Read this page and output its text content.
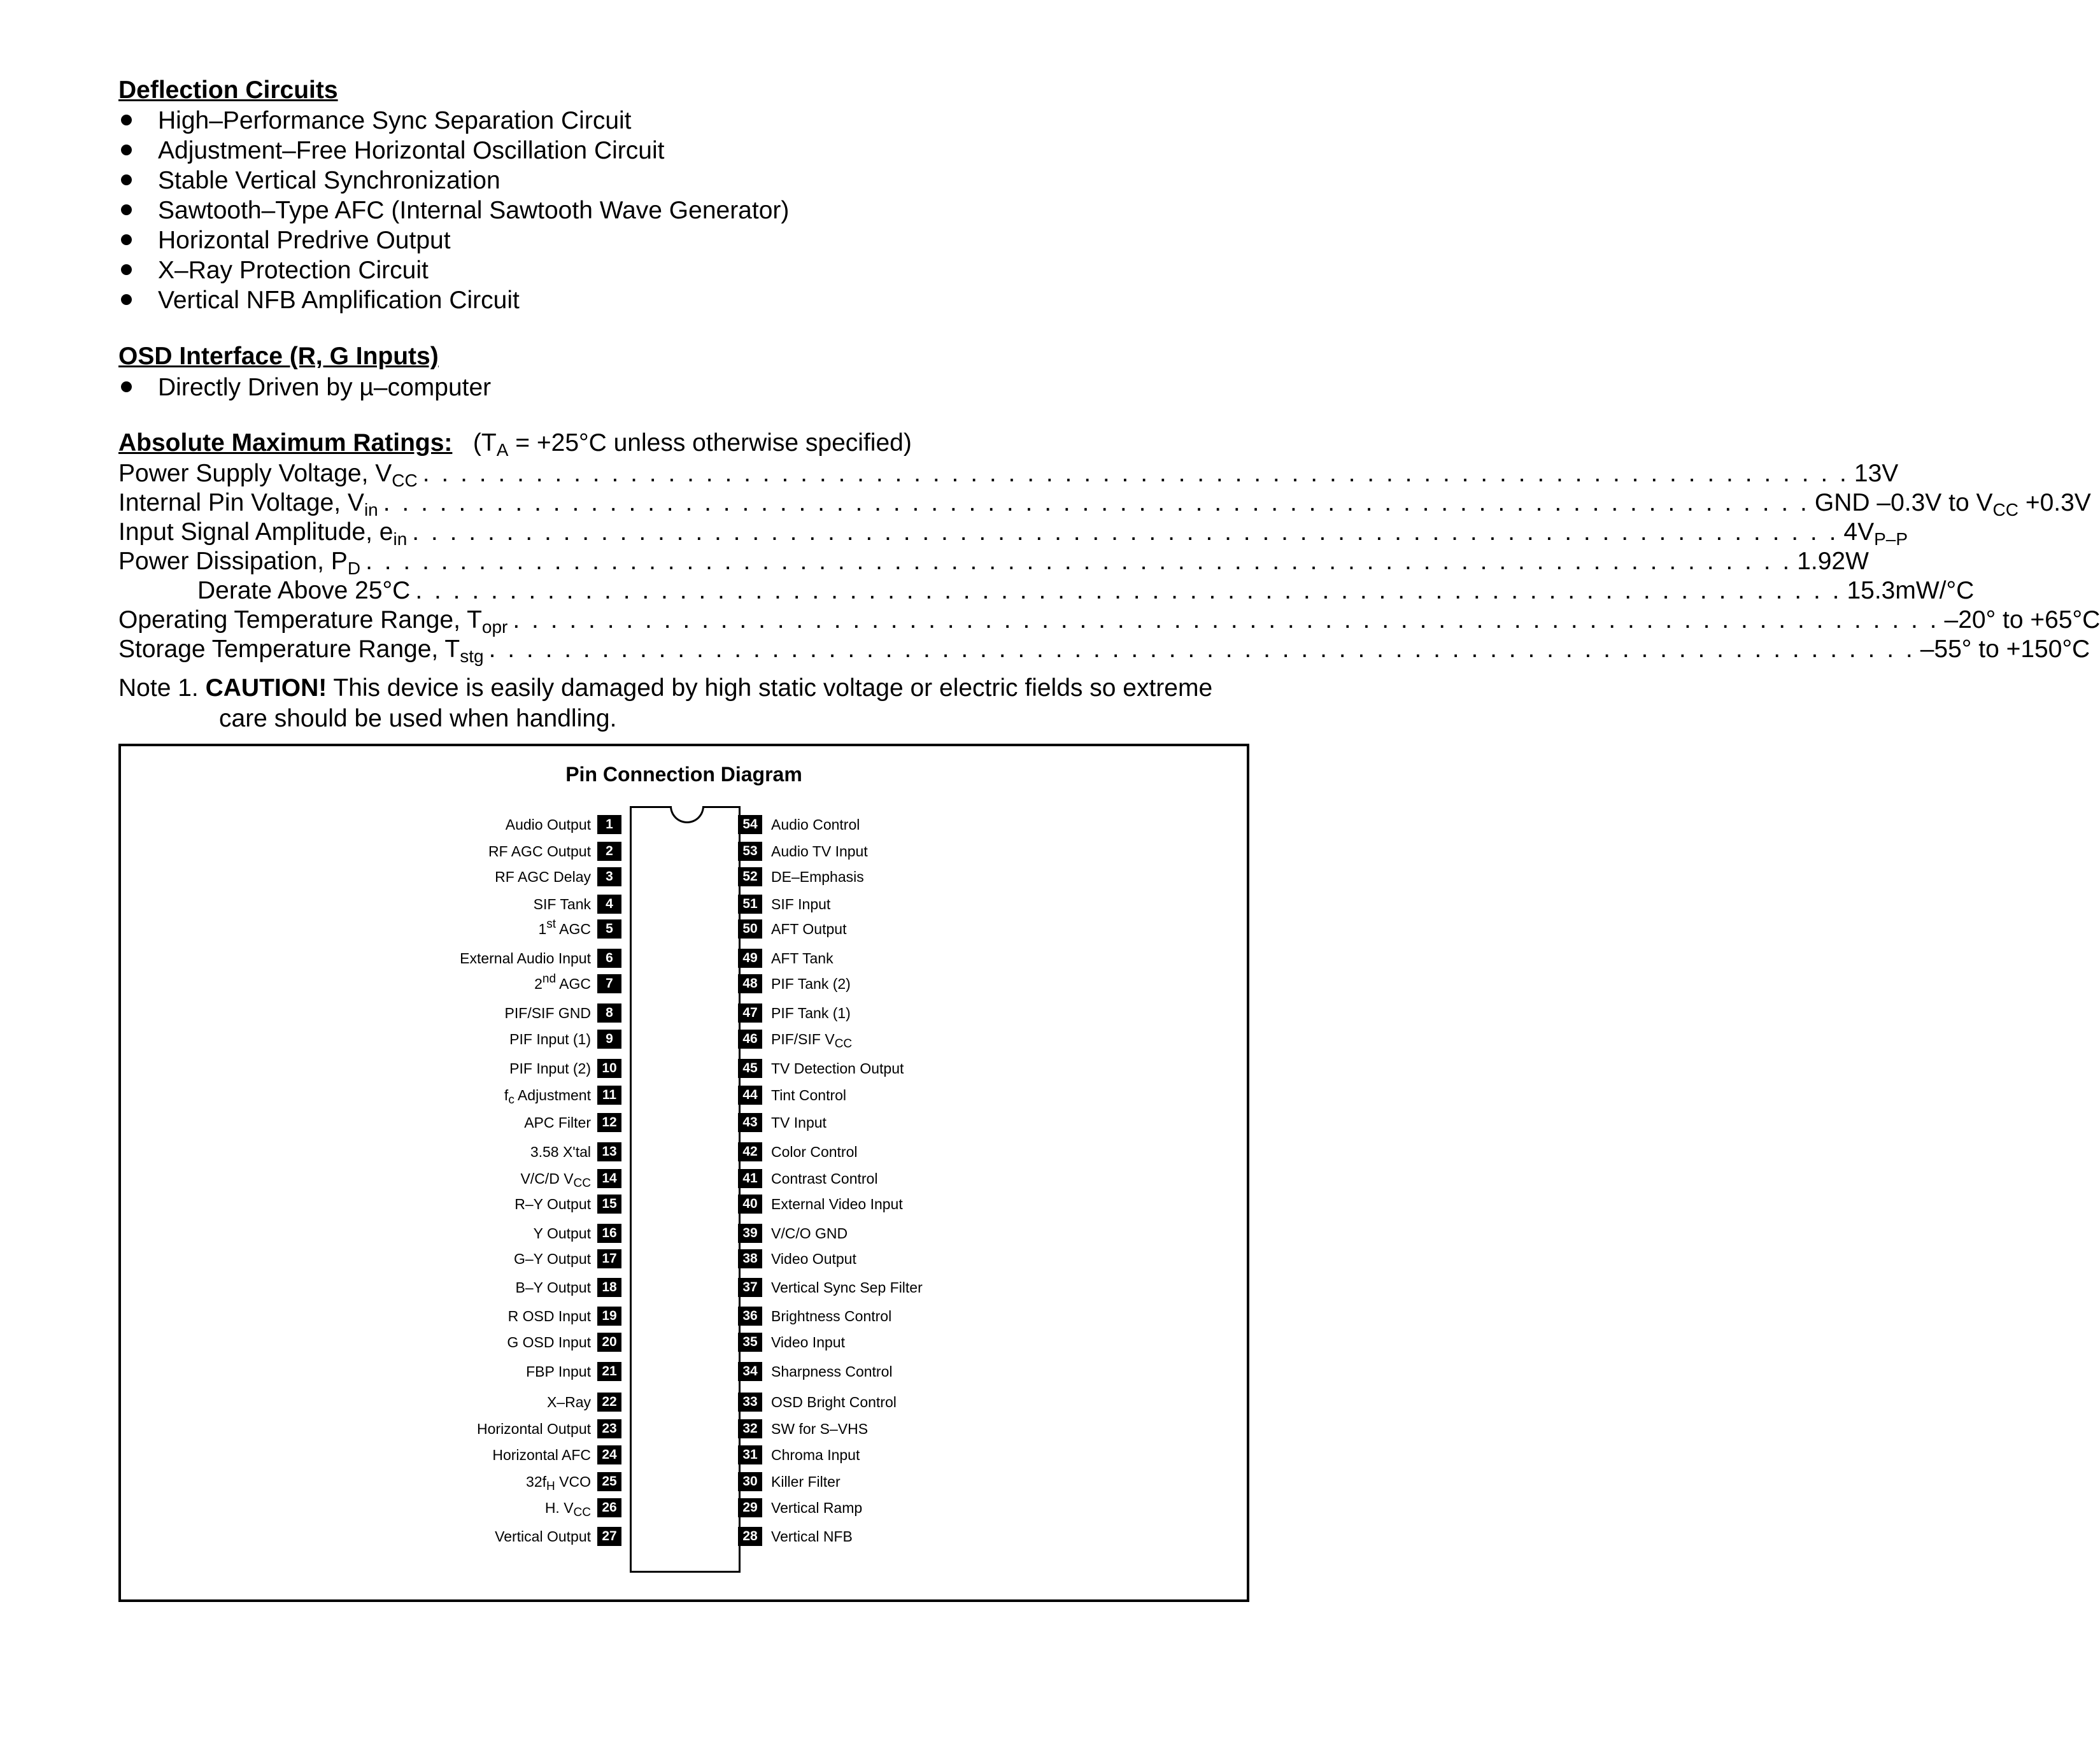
Deflection Circuits
High–Performance Sync Separation Circuit
Adjustment–Free Horizontal Oscillation Circuit
Stable Vertical Synchronization
Sawtooth–Type AFC (Internal Sawtooth Wave Generator)
Horizontal Predrive Output
X–Ray Protection Circuit
Vertical NFB Amplification Circuit
OSD Interface (R, G Inputs)
Directly Driven by µ–computer
Absolute Maximum Ratings: ($T_A = +25^\circ C$ unless otherwise specified)
Power Supply Voltage, $V_{CC}$ . . . . . . . . . . . . . . . . . . . . . . . . . . . . . . . . . . . . . . . . . . . . . . . . . . . . . . . . . . . . . . . . . . . . . . . . . . . . 13V
Internal Pin Voltage, $V_{in}$ . . . . . . . . . . . . . . . . . . . . . . . . . . . . . . . . . . . . . . . . . . . . . . . . . . . . . . . . . . . . . . . . . . . . . . . . . . . . GND –0.3V to $V_{CC} +0.3V$
Input Signal Amplitude, $e_{in}$ . . . . . . . . . . . . . . . . . . . . . . . . . . . . . . . . . . . . . . . . . . . . . . . . . . . . . . . . . . . . . . . . . . . . . . . . . . . . $4V_{P-P}$
Power Dissipation, $P_D$ . . . . . . . . . . . . . . . . . . . . . . . . . . . . . . . . . . . . . . . . . . . . . . . . . . . . . . . . . . . . . . . . . . . . . . . . . . . . 1.92W
Derate Above 25°C . . . . . . . . . . . . . . . . . . . . . . . . . . . . . . . . . . . . . . . . . . . . . . . . . . . . . . . . . . . . . . . . . . . . . . . . . . . . 15.3mW/°C
Operating Temperature Range, $T_{opr}$ . . . . . . . . . . . . . . . . . . . . . . . . . . . . . . . . . . . . . . . . . . . . . . . . . . . . . . . . . . . . . . . . . . . . . . . . . . . . –20° to +65°C
Storage Temperature Range, $T_{stg}$ . . . . . . . . . . . . . . . . . . . . . . . . . . . . . . . . . . . . . . . . . . . . . . . . . . . . . . . . . . . . . . . . . . . . . . . . . . . . –55° to +150°C
Note 1. CAUTION! This device is easily damaged by high static voltage or electric fields so extreme
care should be used when handling.
Pin Connection Diagram
Audio Output	1
RF AGC Output	2
RF AGC Delay	3
SIF Tank	4
1st AGC	5
External Audio Input	6
2nd AGC	7
PIF/SIF GND	8
PIF Input (1)	9
PIF Input (2) 10
$f_c$ Adjustment 11
APC Filter 12
3.58 X'tal 13
V/C/D $V_{CC}$ 14
R–Y Output 15
Y Output 16
G–Y Output 17
B–Y Output 18
R OSD Input 19
G OSD Input 20
FBP Input 21
X–Ray 22
Horizontal Output 23
Horizontal AFC 24
$32f_H$ VCO 25
H. $V_{CC}$ 26
Vertical Output 27
54 Audio Control
53 Audio TV Input
52 DE–Emphasis
51 SIF Input
50 AFT Output
49 AFT Tank
48 PIF Tank (2)
47 PIF Tank (1)
46 PIF/SIF $V_{CC}$
45 TV Detection Output
44 Tint Control
43 TV Input
42 Color Control
41 Contrast Control
40 External Video Input
39 V/C/O GND
38 Video Output
37 Vertical Sync Sep Filter
36 Brightness Control
35 Video Input
34 Sharpness Control
33 OSD Bright Control
32 SW for S–VHS
31 Chroma Input
30 Killer Filter
29 Vertical Ramp
28 Vertical NFB
